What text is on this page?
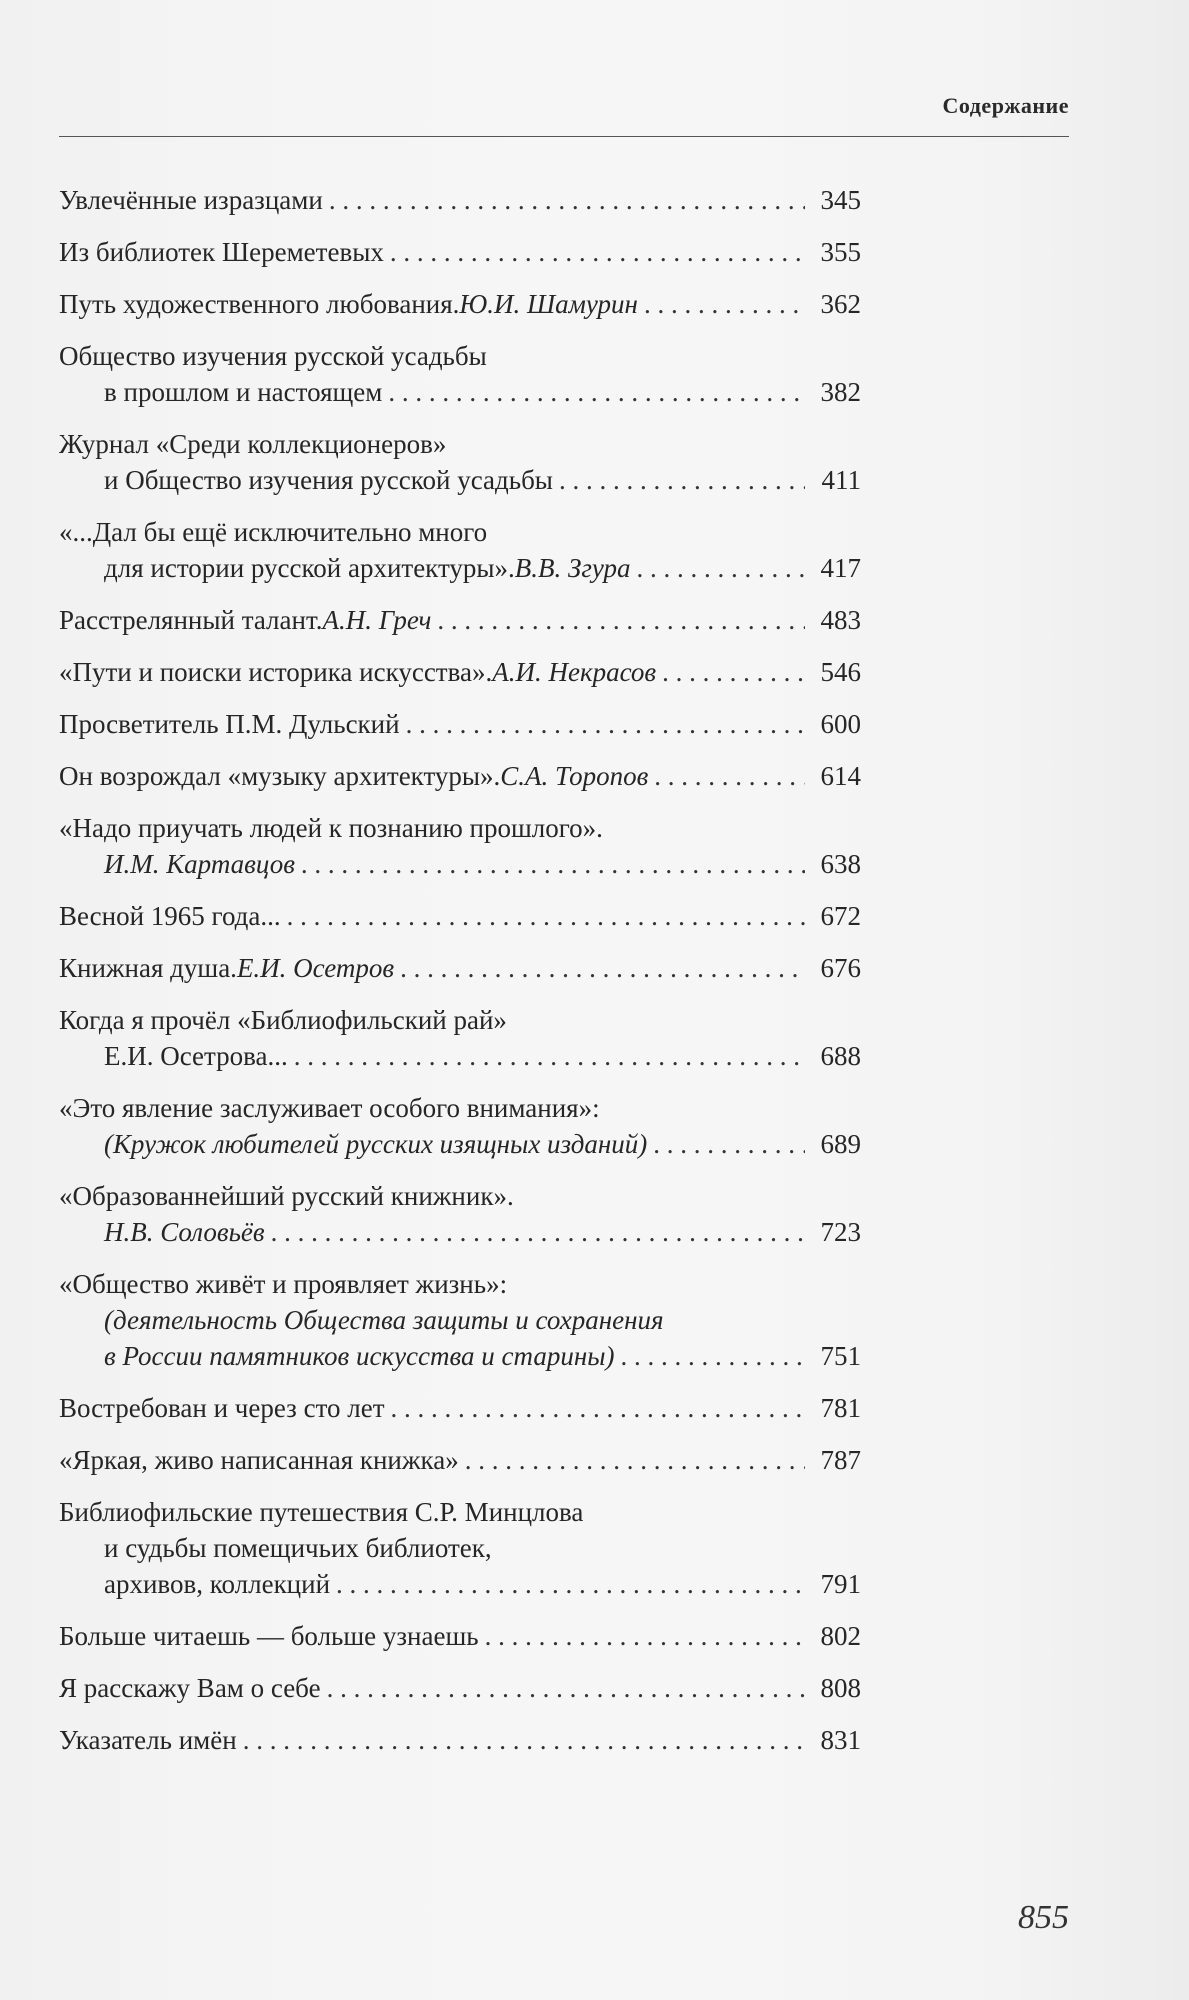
Содержание
Увлечённые изразцами . . .	345
Из библиотек Шереметевых . . .	355
Путь художественного любования. Ю.И. Шамурин . . .	362
Общество изучения русской усадьбы
в прошлом и настоящем . . .	382
Журнал «Среди коллекционеров»
и Общество изучения русской усадьбы . . .	411
«...Дал бы ещё исключительно много
для истории русской архитектуры». В.В. Згура . . .	417
Расстрелянный талант. А.Н. Греч . . .	483
«Пути и поиски историка искусства». А.И. Некрасов . . .	546
Просветитель П.М. Дульский . . .	600
Он возрождал «музыку архитектуры». С.А. Торопов . . .	614
«Надо приучать людей к познанию прошлого».
И.М. Картавцов . . .	638
Весной 1965 года... . . .	672
Книжная душа. Е.И. Осетров . . .	676
Когда я прочёл «Библиофильский рай»
Е.И. Осетрова... . . .	688
«Это явление заслуживает особого внимания»:
(Кружок любителей русских изящных изданий) . . .	689
«Образованнейший русский книжник».
Н.В. Соловьёв . . .	723
«Общество живёт и проявляет жизнь»:
(деятельность Общества защиты и сохранения
в России памятников искусства и старины) . . .	751
Востребован и через сто лет . . .	781
«Яркая, живо написанная книжка» . . .	787
Библиофильские путешествия С.Р. Минцлова
и судьбы помещичьих библиотек,
архивов, коллекций . . .	791
Больше читаешь — больше узнаешь . . .	802
Я расскажу Вам о себе . . .	808
Указатель имён . . .	831
855
